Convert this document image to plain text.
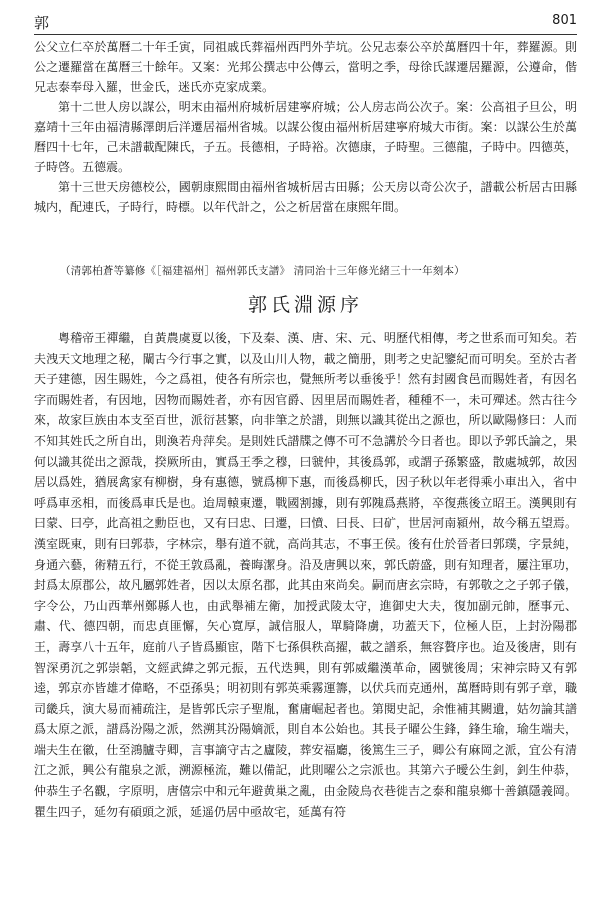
郭	801

公父立仁卒於萬曆二十年壬寅，同祖戚氏葬福州西門外芋坑。公兄志泰公卒於萬曆四十年，葬羅源。則公之遷羅當在萬曆三十餘年。又案：光邦公撰志中公傳云，當明之季，母徐氏謀遷居羅源，公遵命，偕兄志泰奉母入羅，世金氏，迷氏亦克家成業。

第十二世人房以謀公，明末由福州府城析居建寧府城；公人房志尚公次子。案：公高祖子旦公，明嘉靖十三年由福清縣澤朗后洋遷居福州省城。以謀公復由福州析居建寧府城大市街。案：以謀公生於萬曆四十七年，己未譜載配陳氏，子五。長德相，子時裕。次德康，子時聖。三德龍，子時中。四德英，子時啓。五德震。

第十三世天房德校公，國朝康熙間由福州省城析居古田縣；公天房以奇公次子，譜載公析居古田縣城内，配連氏，子時行，時標。以年代計之，公之析居當在康熙年間。

（清郭柏蒼等纂修《［福建福州］福州郭氏支譜》 清同治十三年修光緒三十一年刻本）
郭氏淵源序

粵稽帝王禪繼，自黃農虞夏以後，下及秦、漢、唐、宋、元、明歷代相傳，考之世系而可知矣。若夫洩天文地理之秘，闡古今行事之實，以及山川人物，載之簡册，則考之史記鑒紀而可明矣。至於古者天子建德，因生賜姓，今之爲祖，使各有所宗也，覺無所考以垂後乎！然有封國食邑而賜姓者，有因名字而賜姓者，有因地，因物而賜姓者，亦有因官爵、因里居而賜姓者，種種不一，未可殫述。然古往今來，故家巨族由本支至百世，派衍甚繁，向非筆之於譜，則無以識其從出之源也，所以歐陽修曰：人而不知其姓氏之所自出，則渙若舟萍矣。是則姓氏譜牒之傳不可不急講於今日者也。即以予郭氏論之，果何以識其從出之源哉，揆厥所由，實爲王季之穆，曰虢仲，其後爲郭，或謂子孫繁盛，散處城郭，故因居以爲姓，猶展禽家有柳樹，身有惠德，號爲柳下惠，而後爲柳氏，因子秋以年老得乘小車出入，省中呼爲車丞相，而後爲車氏是也。迨周轅東遷，戰國割據，則有郭隗爲燕將，卒復燕後立昭王。漢興則有曰蒙、曰亭，此高祖之勳臣也，又有曰忠、曰遷，曰憤、曰長、曰矿，世居河南潁州，故今稱五望焉。漢室既東，則有曰郭恭，字林宗，舉有道不就，高尚其志，不事王侯。後有仕於晉者曰郭璞，字景純，身通六藝，術精五行，不從王敦爲亂，養晦潔身。沿及唐興以來，郭氏蔚盛，則有知理者，屢注軍功，封爲太原郡公，故凡屬郭姓者，因以太原名郡，此其由來尚矣。嗣而唐玄宗時，有郭敬之之子郭子儀，字令公，乃山西華州鄭縣人也，由武舉補左衛，加授武陵太守，進御史大夫，復加副元帥，歷事元、肅、代、德四朝，而忠貞匪懈，矢心寬厚，誠信服人，單騎降虜，功蓋天下，位極人臣，上封汾陽郡王，壽享八十五年，庭前八子皆爲顯宦，階下七孫俱秩高擢，載之譜系，無容贅序也。迨及後唐，則有智深勇沉之郭崇韜，文經武緯之郭元振，五代迭興，則有郭威繼漢革命，國號後周；宋神宗時又有郭逵，郭京亦皆雄才偉略，不亞孫吳；明初則有郭英乘霧運籌，以伏兵而克通州，萬曆時則有郭子章，職司畿兵，演大易而補疏注，是皆郭氏宗子聖胤，奮庸崛起者也。第閱史記，余惟補其闕遺，姑勿論其譜爲太原之派，譜爲汾陽之派，然溯其汾陽嫡派，則自本公始也。其長子曜公生鋒，鋒生瑜，瑜生端夫，端夫生在徽，仕至鴻臚寺卿，言事謫守古之廬陵，葬安福廳，後篤生三子，卿公有麻岡之派，宜公有清江之派，興公有龍泉之派，溯源極流，難以備記，此則曜公之宗派也。其第六子曖公生釗，釗生仲恭，仲恭生子名觀，字原明，唐僖宗中和元年避黄巢之亂，由金陵烏衣巷徙吉之泰和龍泉鄉十善鎮隱義岡。瞿生四子，延勿有碩頭之派，延遥仍居中亟故宅，延萬有符
